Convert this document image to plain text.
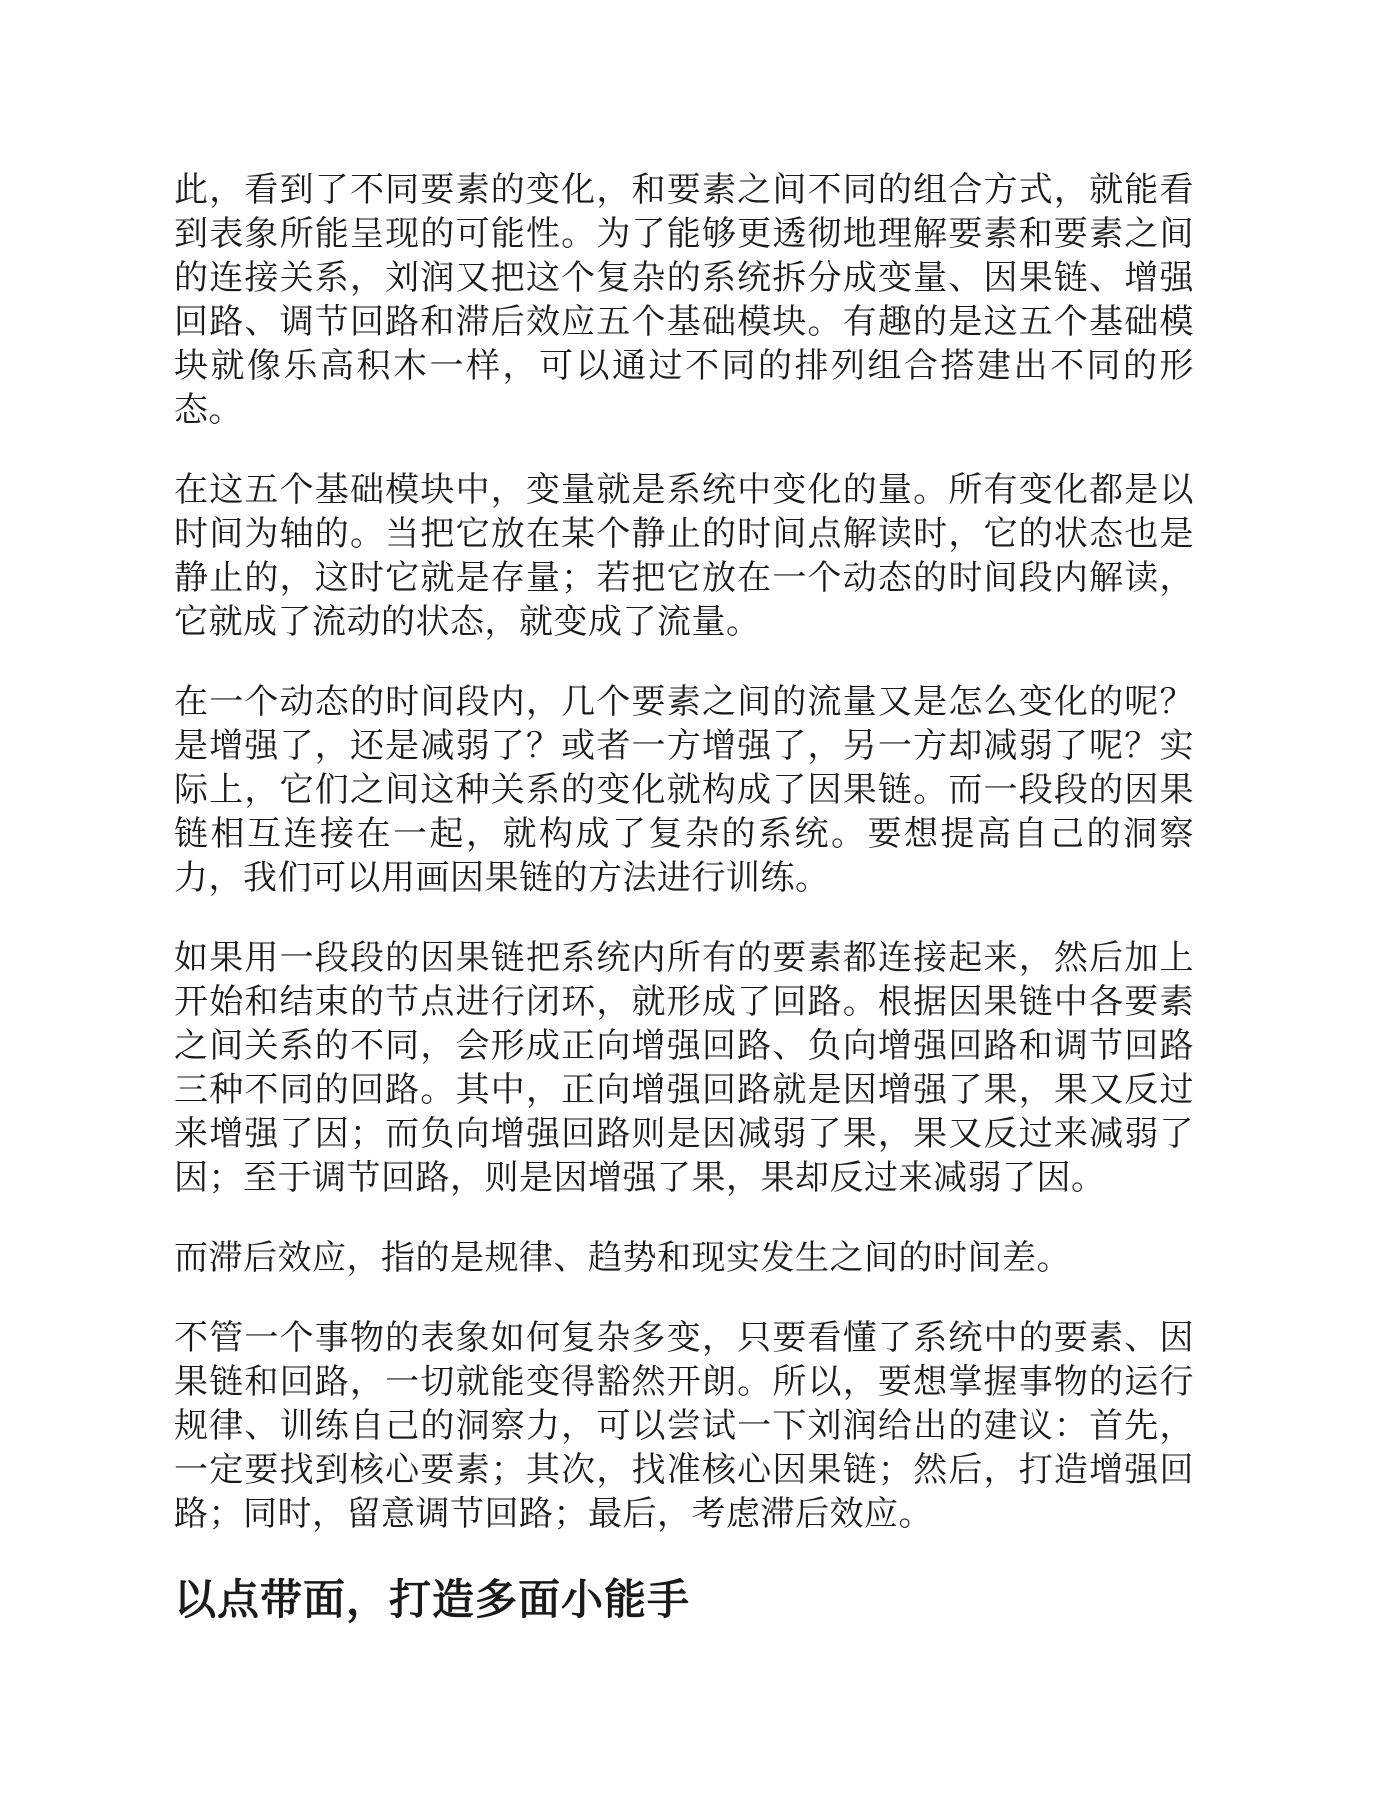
此，看到了不同要素的变化，和要素之间不同的组合方式，就能看到表象所能呈现的可能性。为了能够更透彻地理解要素和要素之间的连接关系，刘润又把这个复杂的系统拆分成变量、因果链、增强回路、调节回路和滞后效应五个基础模块。有趣的是这五个基础模块就像乐高积木一样，可以通过不同的排列组合搭建出不同的形态。

在这五个基础模块中，变量就是系统中变化的量。所有变化都是以时间为轴的。当把它放在某个静止的时间点解读时，它的状态也是静止的，这时它就是存量；若把它放在一个动态的时间段内解读，它就成了流动的状态，就变成了流量。

在一个动态的时间段内，几个要素之间的流量又是怎么变化的呢？是增强了，还是减弱了？或者一方增强了，另一方却减弱了呢？实际上，它们之间这种关系的变化就构成了因果链。而一段段的因果链相互连接在一起，就构成了复杂的系统。要想提高自己的洞察力，我们可以用画因果链的方法进行训练。

如果用一段段的因果链把系统内所有的要素都连接起来，然后加上开始和结束的节点进行闭环，就形成了回路。根据因果链中各要素之间关系的不同，会形成正向增强回路、负向增强回路和调节回路三种不同的回路。其中，正向增强回路就是因增强了果，果又反过来增强了因；而负向增强回路则是因减弱了果，果又反过来减弱了因；至于调节回路，则是因增强了果，果却反过来减弱了因。

而滞后效应，指的是规律、趋势和现实发生之间的时间差。

不管一个事物的表象如何复杂多变，只要看懂了系统中的要素、因果链和回路，一切就能变得豁然开朗。所以，要想掌握事物的运行规律、训练自己的洞察力，可以尝试一下刘润给出的建议：首先，一定要找到核心要素；其次，找准核心因果链；然后，打造增强回路；同时，留意调节回路；最后，考虑滞后效应。

以点带面，打造多面小能手
